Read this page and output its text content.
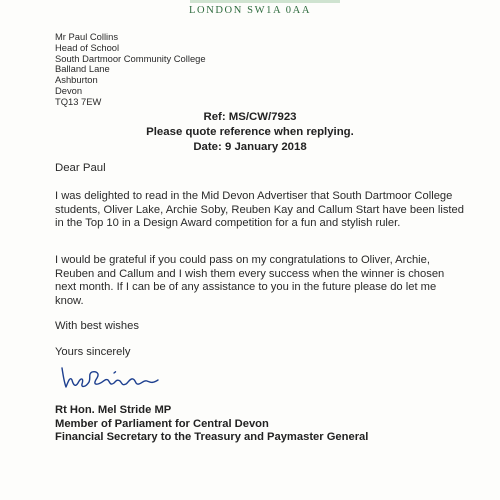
LONDON SW1A 0AA
Mr Paul Collins
Head of School
South Dartmoor Community College
Balland Lane
Ashburton
Devon
TQ13 7EW
Ref: MS/CW/7923
Please quote reference when replying.
Date: 9 January 2018
Dear Paul
I was delighted to read in the Mid Devon Advertiser that South Dartmoor College students, Oliver Lake, Archie Soby, Reuben Kay and Callum Start have been listed in the Top 10 in a Design Award competition for a fun and stylish ruler.
I would be grateful if you could pass on my congratulations to Oliver, Archie, Reuben and Callum and I wish them every success when the winner is chosen next month. If I can be of any assistance to you in the future please do let me know.
With best wishes
Yours sincerely
Rt Hon. Mel Stride MP
Member of Parliament for Central Devon
Financial Secretary to the Treasury and Paymaster General
